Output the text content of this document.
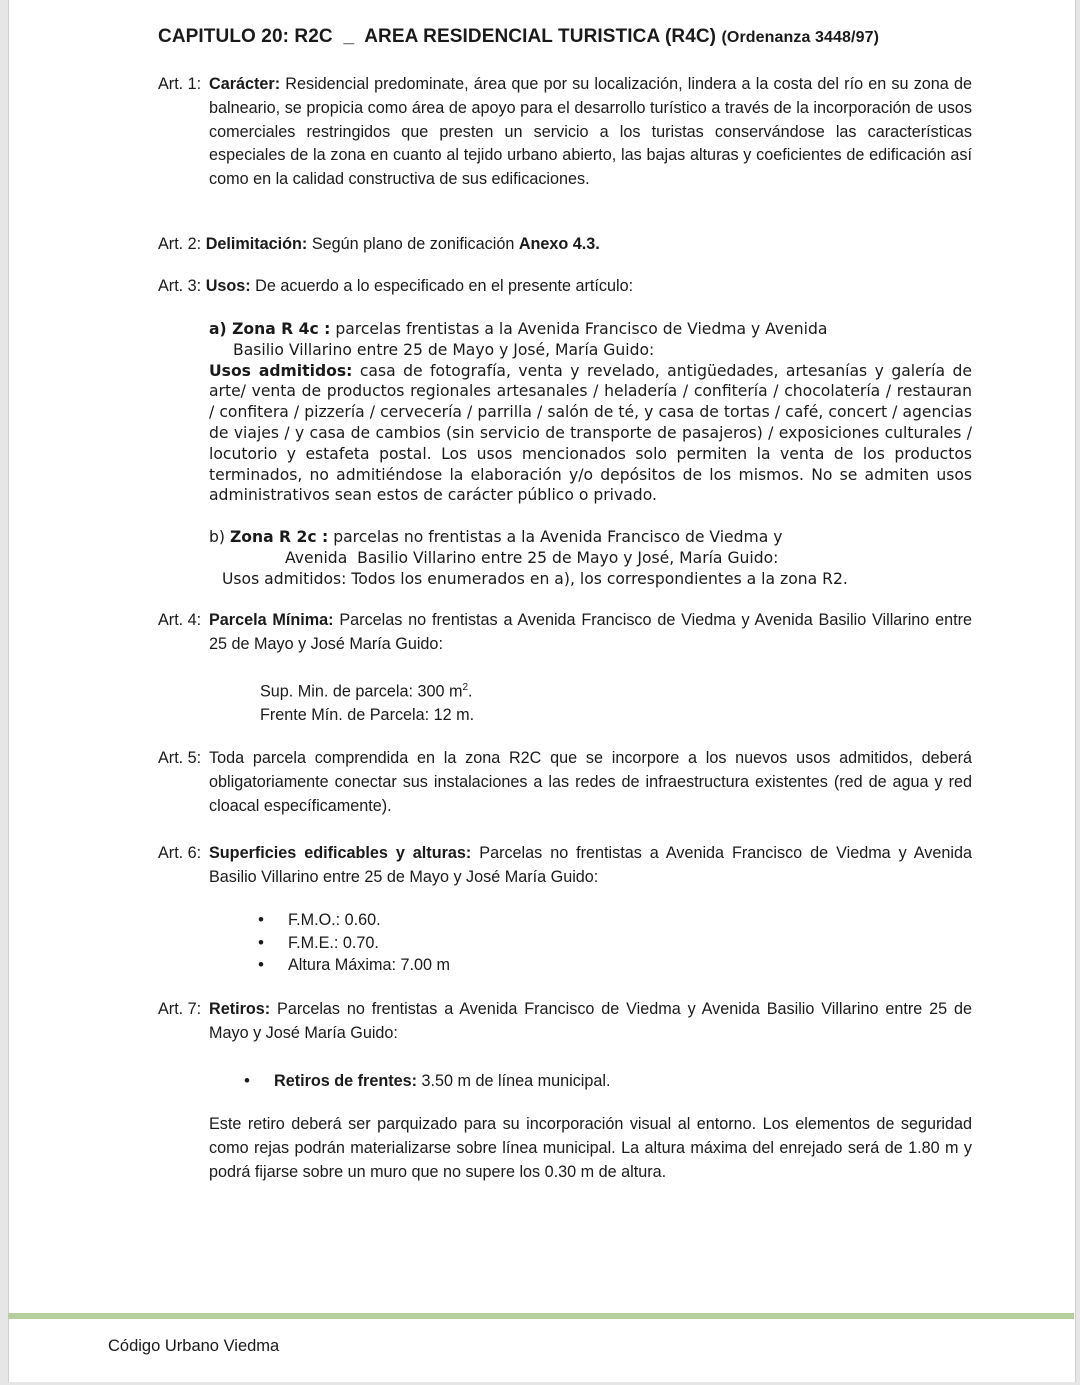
CAPITULO 20: R2C  _  AREA RESIDENCIAL TURISTICA (R4C) (Ordenanza 3448/97)
Art. 1: Carácter: Residencial predominate, área que por su localización, lindera a la costa del río en su zona de balneario, se propicia como área de apoyo para el desarrollo turístico a través de la incorporación de usos comerciales restringidos que presten un servicio a los turistas conservándose las características especiales de la zona en cuanto al tejido urbano abierto, las bajas alturas y coeficientes de edificación así como en la calidad constructiva de sus edificaciones.
Art. 2: Delimitación: Según plano de zonificación Anexo 4.3.
Art. 3: Usos: De acuerdo a lo especificado en el presente artículo:
a) Zona R 4c : parcelas frentistas a la Avenida Francisco de Viedma y Avenida
Basilio Villarino entre 25 de Mayo y José, María Guido:
Usos admitidos: casa de fotografía, venta y revelado, antigüedades, artesanías y galería de arte/ venta de productos regionales artesanales / heladería / confitería / chocolatería / restauran / confitera / pizzería / cervecería / parrilla / salón de té, y casa de tortas / café, concert / agencias de viajes / y casa de cambios (sin servicio de transporte de pasajeros) / exposiciones culturales / locutorio y estafeta postal. Los usos mencionados solo permiten la venta de los productos terminados, no admitiéndose la elaboración y/o depósitos de los mismos. No se admiten usos administrativos sean estos de carácter público o privado.
b) Zona R 2c : parcelas no frentistas a la Avenida Francisco de Viedma y
Avenida  Basilio Villarino entre 25 de Mayo y José, María Guido:
Usos admitidos: Todos los enumerados en a), los correspondientes a la zona R2.
Art. 4: Parcela Mínima: Parcelas no frentistas a Avenida Francisco de Viedma y Avenida Basilio Villarino entre 25 de Mayo y José María Guido:
Sup. Min. de parcela: 300 $m^2$.
Frente Mín. de Parcela: 12 m.
Art. 5: Toda parcela comprendida en la zona R2C que se incorpore a los nuevos usos admitidos, deberá obligatoriamente conectar sus instalaciones a las redes de infraestructura existentes (red de agua y red cloacal específicamente).
Art. 6: Superficies edificables y alturas: Parcelas no frentistas a Avenida Francisco de Viedma y Avenida Basilio Villarino entre 25 de Mayo y José María Guido:
• F.M.O.: 0.60.
• F.M.E.: 0.70.
• Altura Máxima: 7.00 m
Art. 7: Retiros: Parcelas no frentistas a Avenida Francisco de Viedma y Avenida Basilio Villarino entre 25 de Mayo y José María Guido:
• Retiros de frentes: 3.50 m de línea municipal.
Este retiro deberá ser parquizado para su incorporación visual al entorno. Los elementos de seguridad como rejas podrán materializarse sobre línea municipal. La altura máxima del enrejado será de 1.80 m y podrá fijarse sobre un muro que no supere los 0.30 m de altura.
Código Urbano Viedma
